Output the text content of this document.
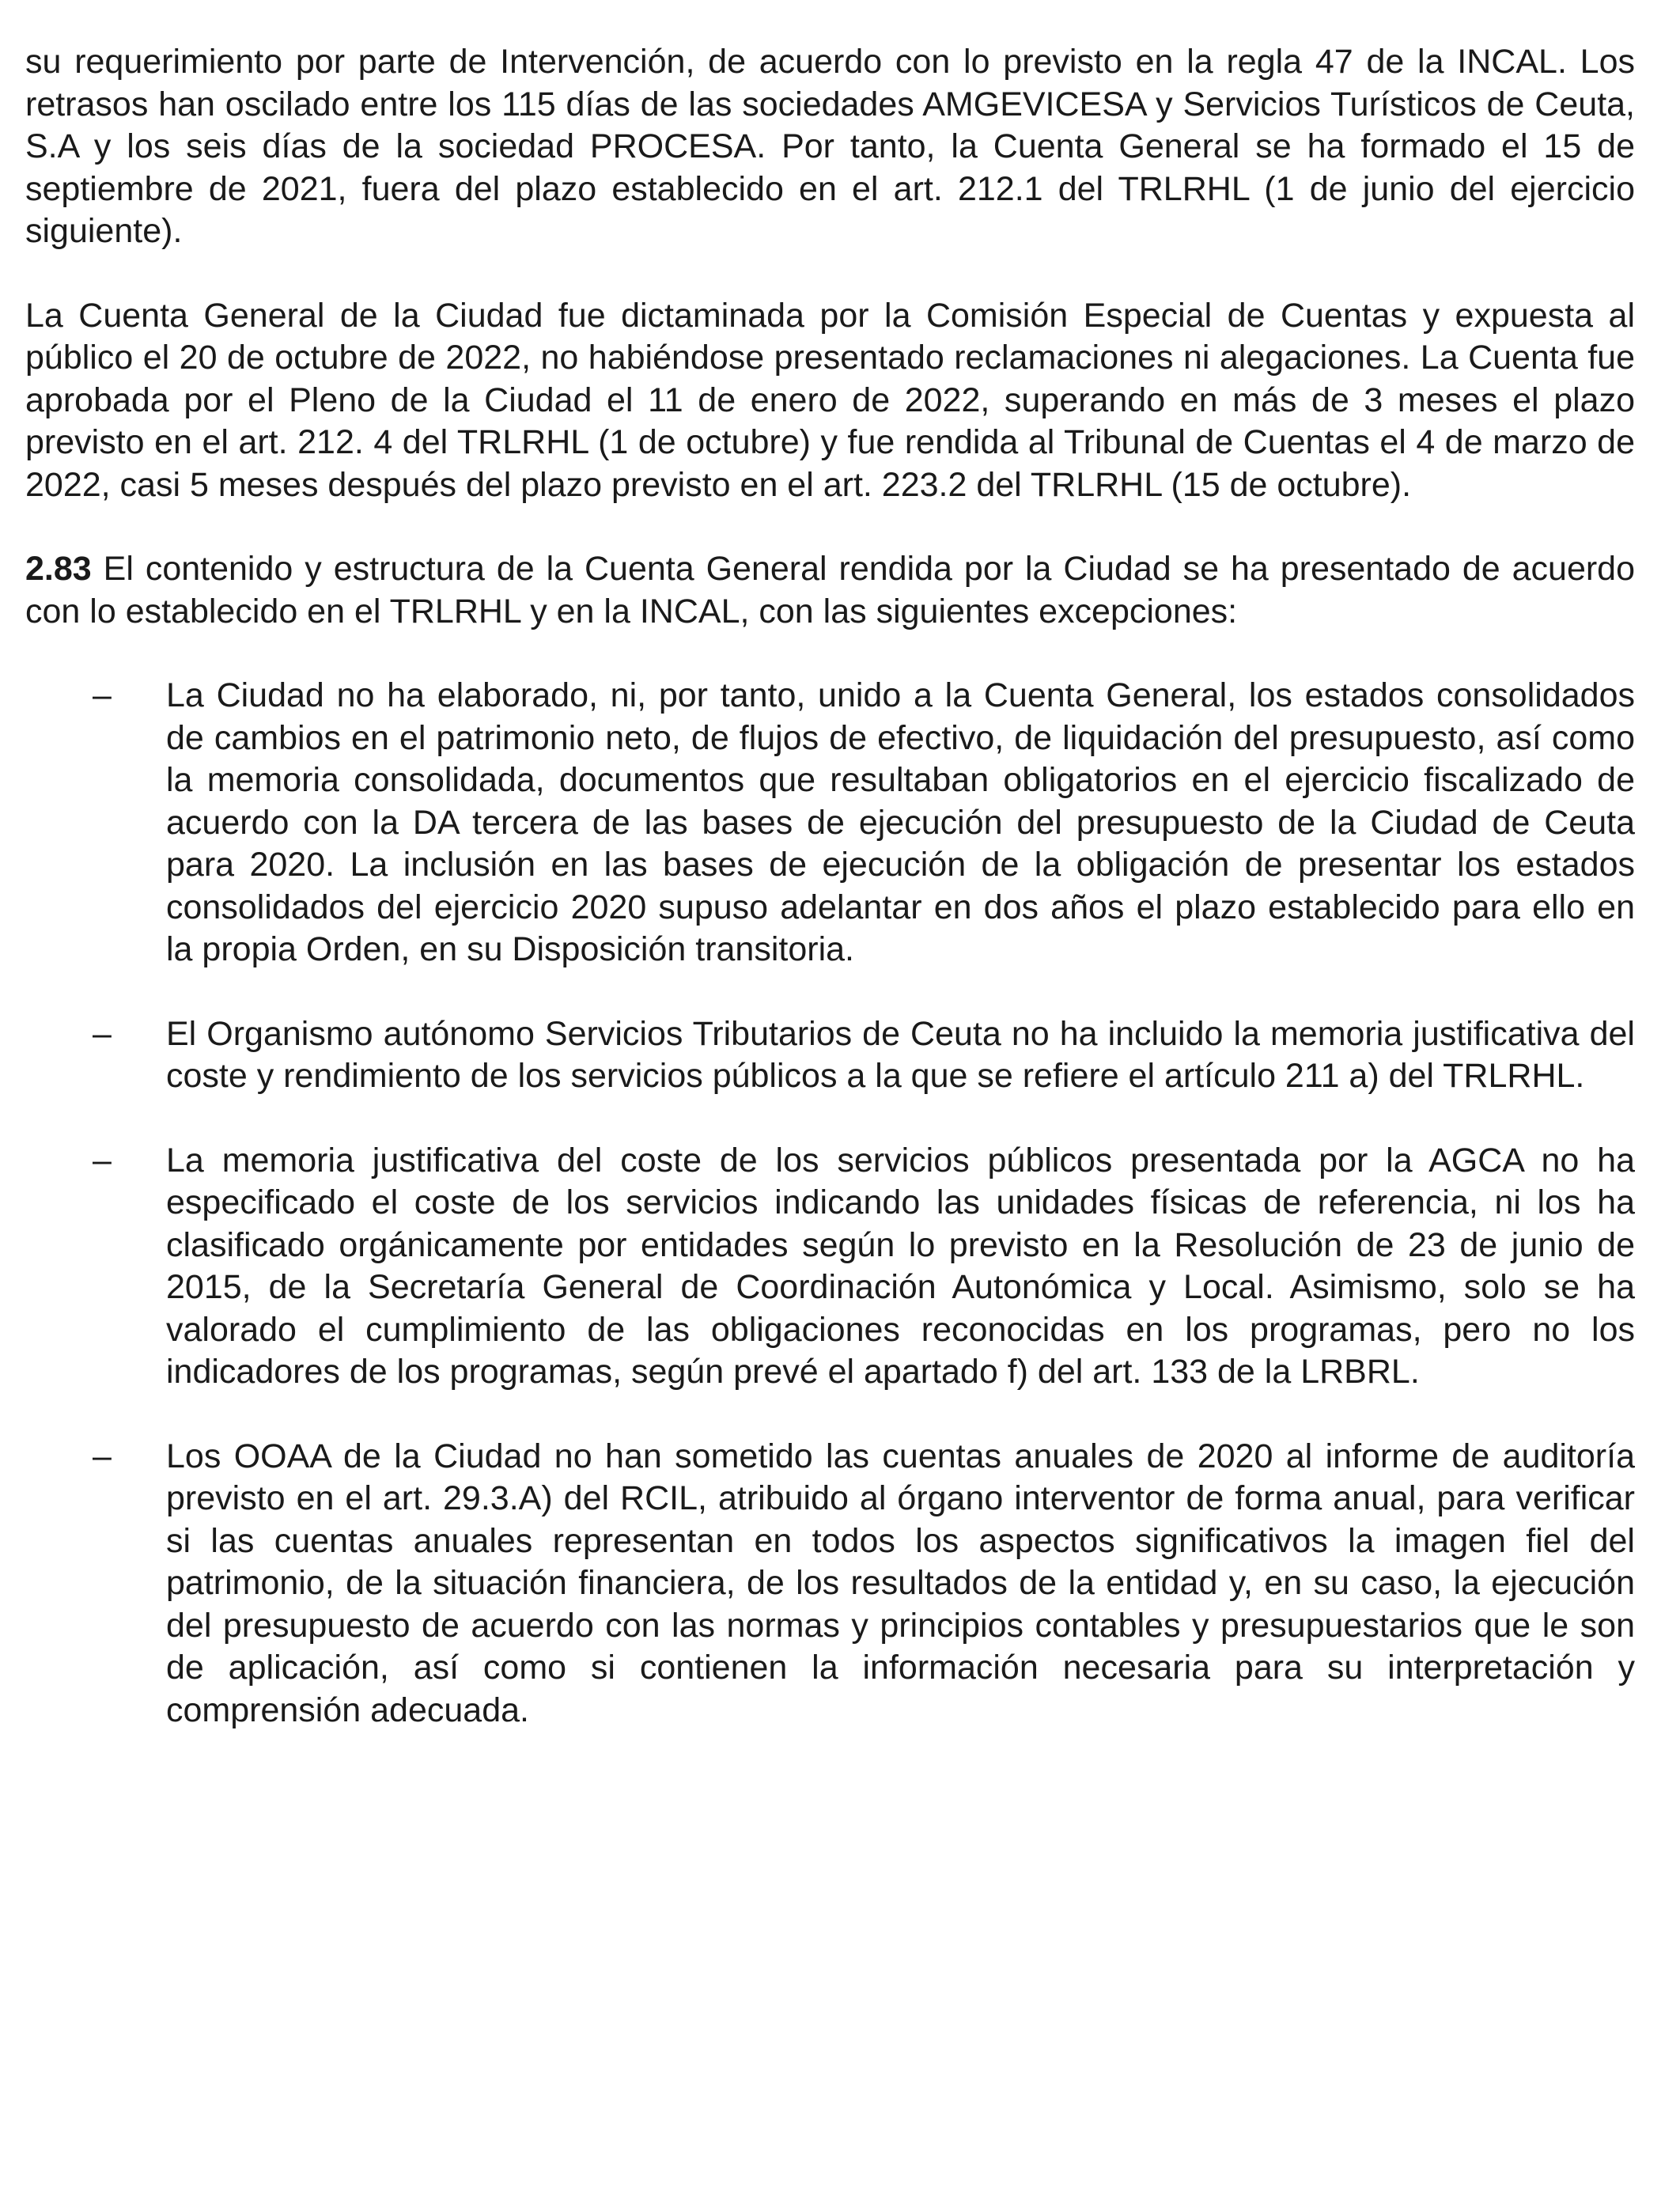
su requerimiento por parte de Intervención, de acuerdo con lo previsto en la regla 47 de la INCAL. Los retrasos han oscilado entre los 115 días de las sociedades AMGEVICESA y Servicios Turísticos de Ceuta, S.A y los seis días de la sociedad PROCESA. Por tanto, la Cuenta General se ha formado el 15 de septiembre de 2021, fuera del plazo establecido en el art. 212.1 del TRLRHL (1 de junio del ejercicio siguiente).

La Cuenta General de la Ciudad fue dictaminada por la Comisión Especial de Cuentas y expuesta al público el 20 de octubre de 2022, no habiéndose presentado reclamaciones ni alegaciones. La Cuenta fue aprobada por el Pleno de la Ciudad el 11 de enero de 2022, superando en más de 3 meses el plazo previsto en el art. 212. 4 del TRLRHL (1 de octubre) y fue rendida al Tribunal de Cuentas el 4 de marzo de 2022, casi 5 meses después del plazo previsto en el art. 223.2 del TRLRHL (15 de octubre).

2.83 El contenido y estructura de la Cuenta General rendida por la Ciudad se ha presentado de acuerdo con lo establecido en el TRLRHL y en la INCAL, con las siguientes excepciones:

–	La Ciudad no ha elaborado, ni, por tanto, unido a la Cuenta General, los estados consolidados de cambios en el patrimonio neto, de flujos de efectivo, de liquidación del presupuesto, así como la memoria consolidada, documentos que resultaban obligatorios en el ejercicio fiscalizado de acuerdo con la DA tercera de las bases de ejecución del presupuesto de la Ciudad de Ceuta para 2020. La inclusión en las bases de ejecución de la obligación de presentar los estados consolidados del ejercicio 2020 supuso adelantar en dos años el plazo establecido para ello en la propia Orden, en su Disposición transitoria.
–	El Organismo autónomo Servicios Tributarios de Ceuta no ha incluido la memoria justificativa del coste y rendimiento de los servicios públicos a la que se refiere el artículo 211 a) del TRLRHL.
–	La memoria justificativa del coste de los servicios públicos presentada por la AGCA no ha especificado el coste de los servicios indicando las unidades físicas de referencia, ni los ha clasificado orgánicamente por entidades según lo previsto en la Resolución de 23 de junio de 2015, de la Secretaría General de Coordinación Autonómica y Local. Asimismo, solo se ha valorado el cumplimiento de las obligaciones reconocidas en los programas, pero no los indicadores de los programas, según prevé el apartado f) del art. 133 de la LRBRL.
–	Los OOAA de la Ciudad no han sometido las cuentas anuales de 2020 al informe de auditoría previsto en el art. 29.3.A) del RCIL, atribuido al órgano interventor de forma anual, para verificar si las cuentas anuales representan en todos los aspectos significativos la imagen fiel del patrimonio, de la situación financiera, de los resultados de la entidad y, en su caso, la ejecución del presupuesto de acuerdo con las normas y principios contables y presupuestarios que le son de aplicación, así como si contienen la información necesaria para su interpretación y comprensión adecuada.
